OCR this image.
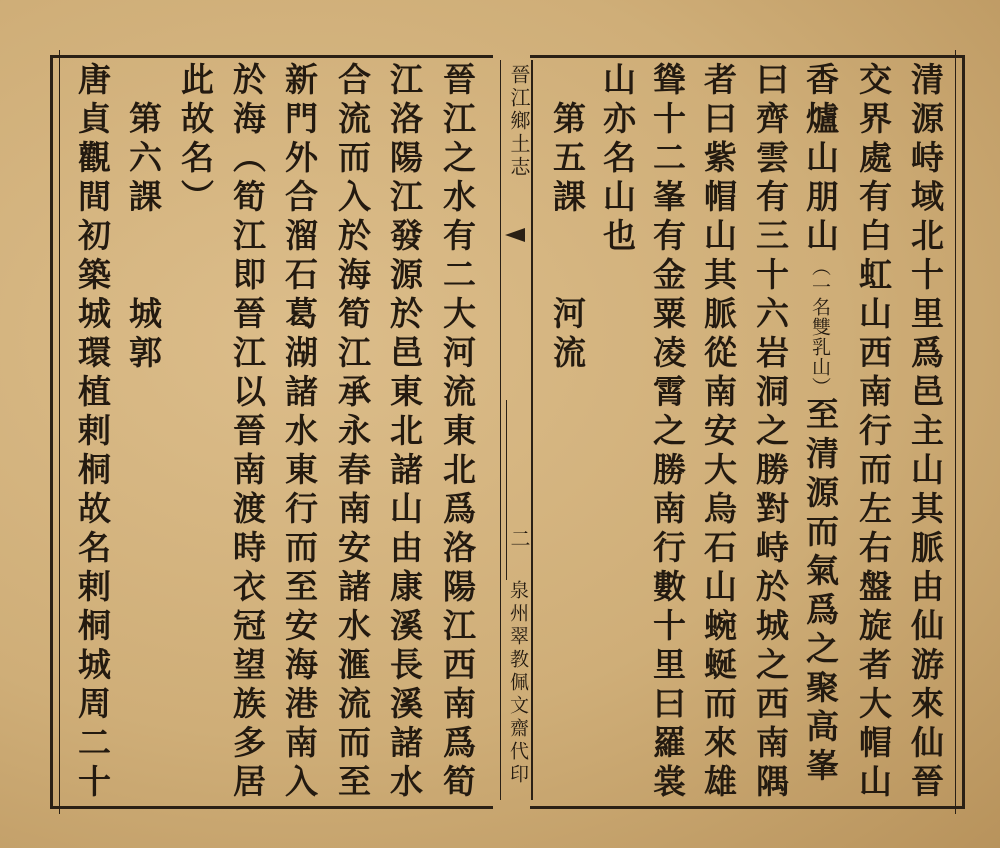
晉江鄉土志
二
泉州翠教佩文齋代印	清源峙域北十里爲邑主山其脈由仙游來仙晉
交界處有白虹山西南行而左右盤旋者大帽山
香爐山朋山（一名雙乳山）至清源而氣爲之聚高峯
曰齊雲有三十六岩洞之勝對峙於城之西南隅
者曰紫帽山其脈從南安大烏石山蜿蜒而來雄
聳十二峯有金粟凌霄之勝南行數十里曰羅裳
山亦名山也
　第五課　　河流
晉江之水有二大河流東北爲洛陽江西南爲筍
江洛陽江發源於邑東北諸山由康溪長溪諸水
合流而入於海筍江承永春南安諸水滙流而至
新門外合溜石葛湖諸水東行而至安海港南入
於海（筍江即晉江以晉南渡時衣冠望族多居
此故名）
　第六課　　城郭
唐貞觀間初築城環植剌桐故名剌桐城周二十
